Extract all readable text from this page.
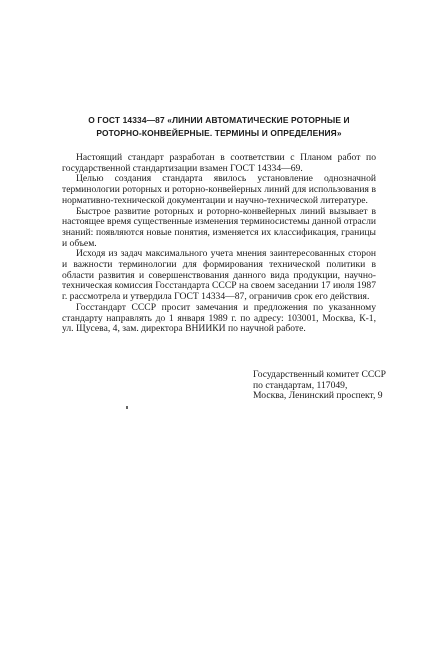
О ГОСТ 14334—87 «ЛИНИИ АВТОМАТИЧЕСКИЕ РОТОРНЫЕ И
РОТОРНО-КОНВЕЙЕРНЫЕ. ТЕРМИНЫ И ОПРЕДЕЛЕНИЯ»

Настоящий стандарт разработан в соответствии с Планом работ по государственной стандартизации взамен ГОСТ 14334—69.

Целью создания стандарта явилось установление однозначной терминологии роторных и роторно-конвейерных линий для использования в нормативно-технической документации и научно-технической литературе.

Быстрое развитие роторных и роторно-конвейерных линий вызывает в настоящее время существенные изменения терминосистемы данной отрасли знаний: появляются новые понятия, изменяется их классификация, границы и объем.

Исходя из задач максимального учета мнения заинтересованных сторон и важности терминологии для формирования технической политики в области развития и совершенствования данного вида продукции, научно-техническая комиссия Госстандарта СССР на своем заседании 17 июля 1987 г. рассмотрела и утвердила ГОСТ 14334—87, ограничив срок его действия.

Госстандарт СССР просит замечания и предложения по указанному стандарту направлять до 1 января 1989 г. по адресу: 103001, Москва, К-1, ул. Щусева, 4, зам. директора ВНИИКИ по научной работе.

Государственный комитет СССР
по стандартам, 117049,
Москва, Ленинский проспект, 9
